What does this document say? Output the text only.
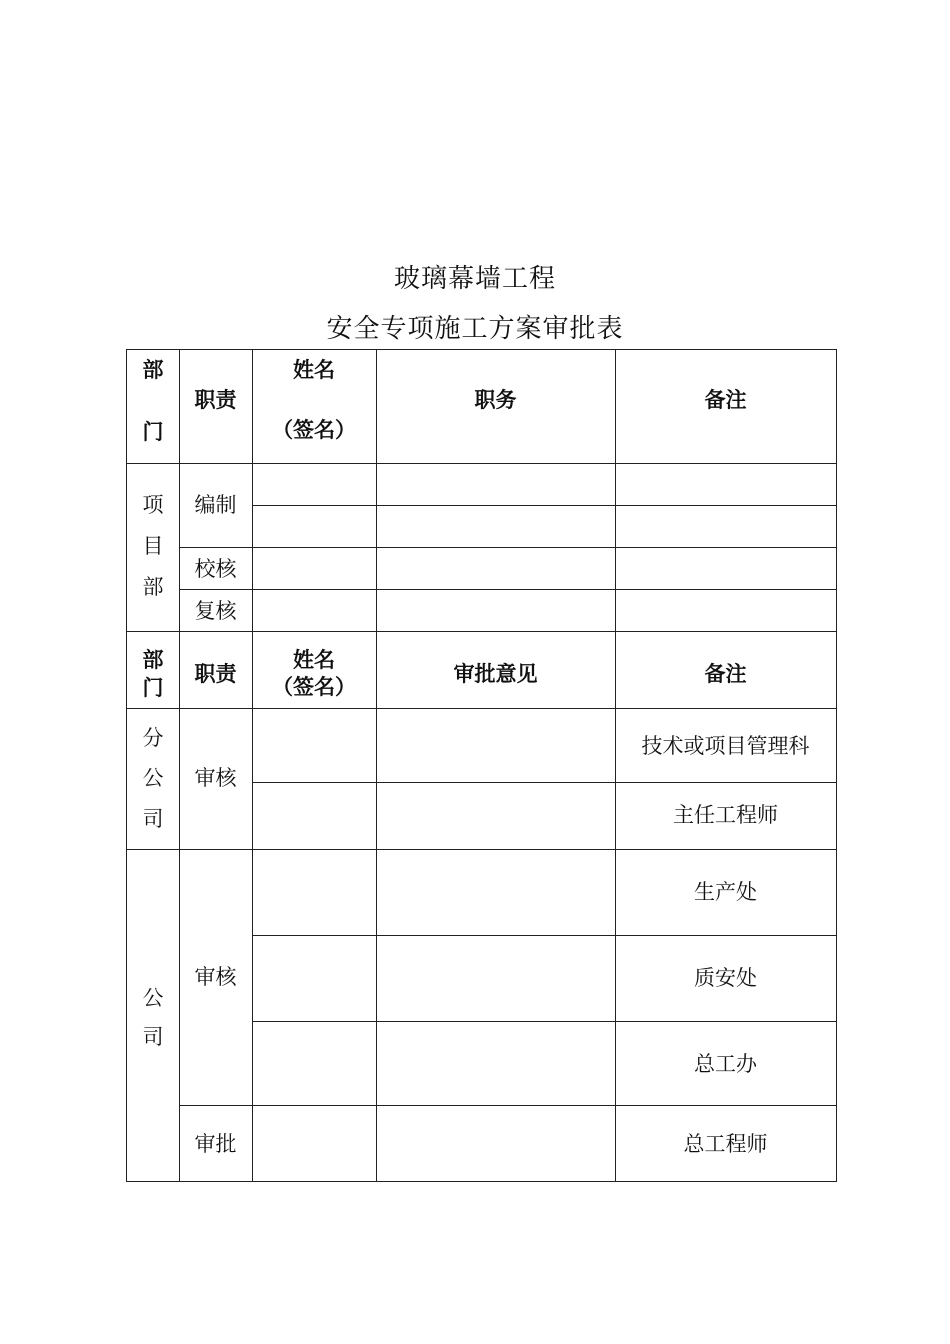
玻璃幕墙工程
安全专项施工方案审批表
部
门
职责
姓名
（签名）
职务	备注
项
目
部
编制
校核
复核
部
门
职责
姓名
（签名）
审批意见	备注
分
公
司
审核
技术或项目管理科
主任工程师
公
司
审核
审批
生产处
质安处
总工办
总工程师
